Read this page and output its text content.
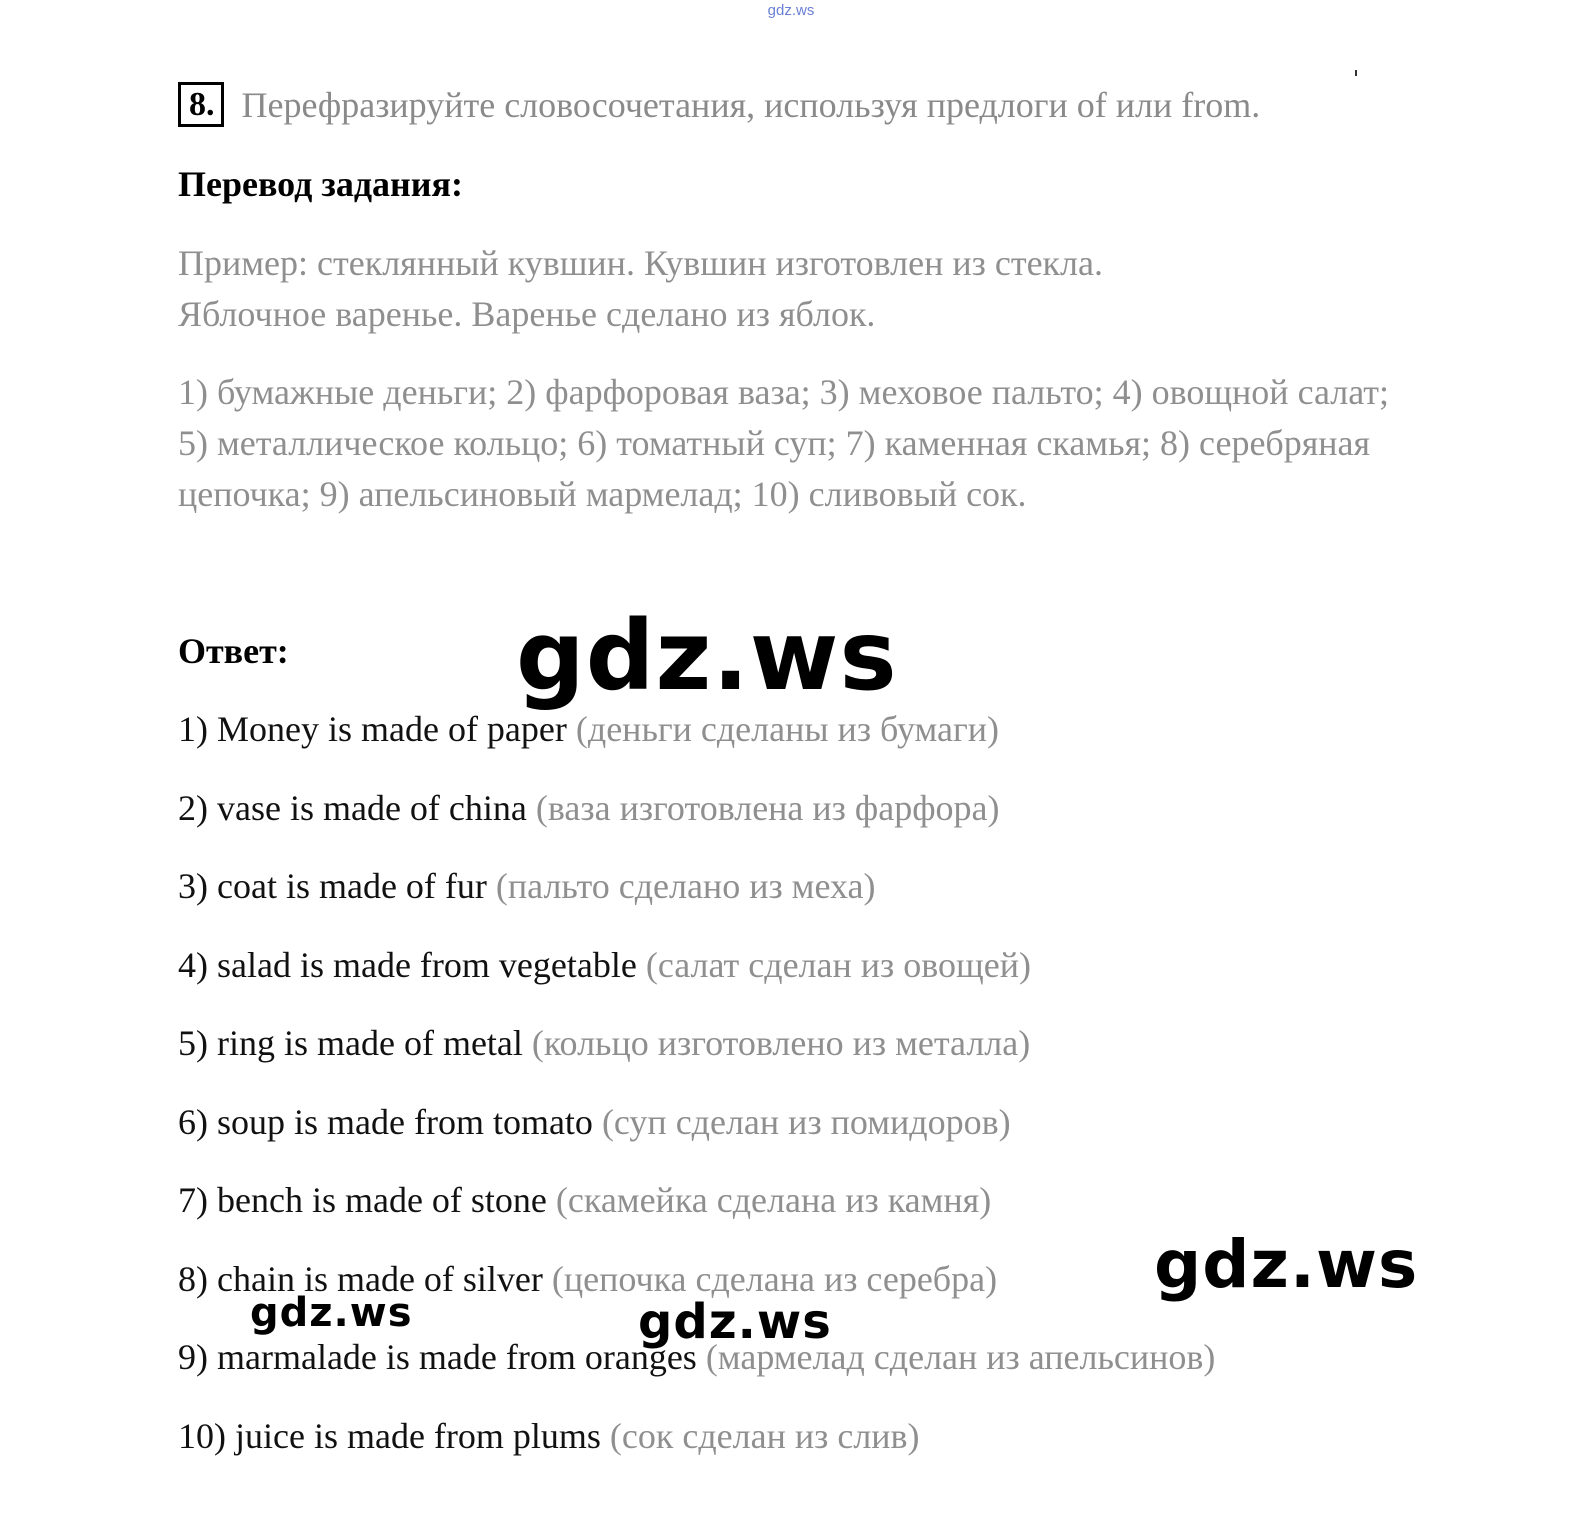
gdz.ws
8. Перефразируйте словосочетания, используя предлоги of или from.
Перевод задания:
Пример: стеклянный кувшин. Кувшин изготовлен из стекла.
Яблочное варенье. Варенье сделано из яблок.
1) бумажные деньги; 2) фарфоровая ваза; 3) меховое пальто; 4) овощной салат; 5) металлическое кольцо; 6) томатный суп; 7) каменная скамья; 8) серебряная цепочка; 9) апельсиновый мармелад; 10) сливовый сок.
Ответ:
1) Money is made of paper (деньги сделаны из бумаги)
2) vase is made of china (ваза изготовлена из фарфора)
3) coat is made of fur (пальто сделано из меха)
4) salad is made from vegetable (салат сделан из овощей)
5) ring is made of metal (кольцо изготовлено из металла)
6) soup is made from tomato (суп сделан из помидоров)
7) bench is made of stone (скамейка сделана из камня)
8) chain is made of silver (цепочка сделана из серебра)
9) marmalade is made from oranges (мармелад сделан из апельсинов)
10) juice is made from plums (сок сделан из слив)
gdz.ws
gdz.ws
gdz.ws	gdz.ws
